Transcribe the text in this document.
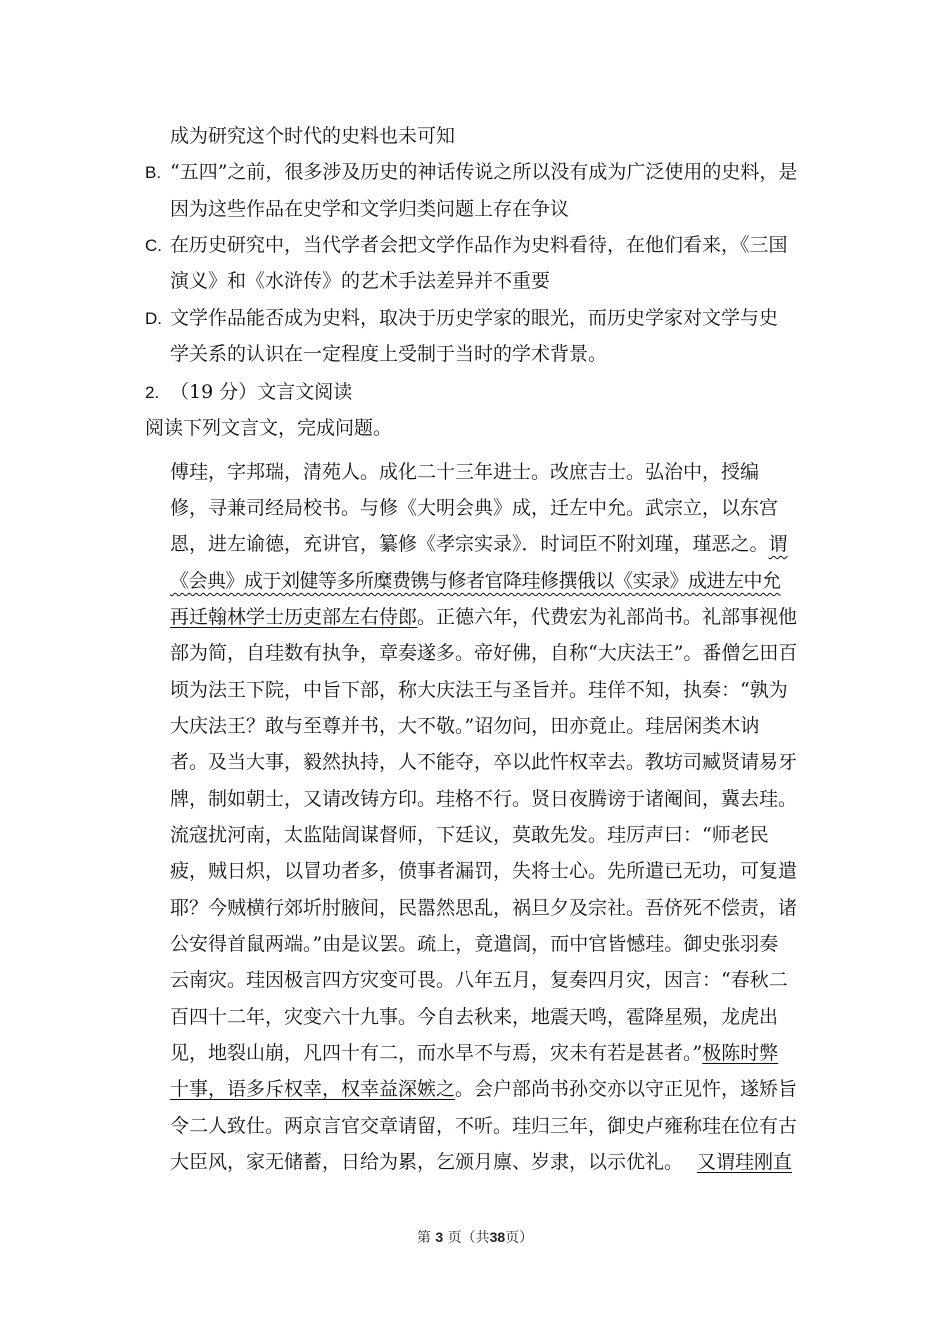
成为研究这个时代的史料也未可知
B. “五四”之前，很多涉及历史的神话传说之所以没有成为广泛使用的史料，是
因为这些作品在史学和文学归类问题上存在争议
C. 在历史研究中，当代学者会把文学作品作为史料看待，在他们看来，《三国
演义》和《水浒传》的艺术手法差异并不重要
D. 文学作品能否成为史料，取决于历史学家的眼光，而历史学家对文学与史
学关系的认识在一定程度上受制于当时的学术背景。
2. （19 分）文言文阅读
阅读下列文言文，完成问题。
傅珪，字邦瑞，清苑人。成化二十三年进士。改庶吉士。弘治中，授编
修，寻兼司经局校书。与修《大明会典》成，迁左中允。武宗立，以东宫
恩，进左谕德，充讲官，纂修《孝宗实录》．时词臣不附刘瑾，瑾恶之。谓
《会典》成于刘健等多所糜费镌与修者官降珪修撰俄以《实录》成进左中允
再迁翰林学士历吏部左右侍郎。正德六年，代费宏为礼部尚书。礼部事视他
部为简，自珪数有执争，章奏遂多。帝好佛，自称“大庆法王”。番僧乞田百
顷为法王下院，中旨下部，称大庆法王与圣旨并。珪佯不知，执奏：“孰为
大庆法王？敢与至尊并书，大不敬。”诏勿问，田亦竟止。珪居闲类木讷
者。及当大事，毅然执持，人不能夺，卒以此忤权幸去。教坊司臧贤请易牙
牌，制如朝士，又请改铸方印。珪格不行。贤日夜腾谤于诸阉间，冀去珪。
流寇扰河南，太监陆訚谋督师，下廷议，莫敢先发。珪厉声曰：“师老民
疲，贼日炽，以冒功者多，偾事者漏罚，失将士心。先所遣已无功，可复遣
耶？今贼横行郊圻肘腋间，民嚣然思乱，祸旦夕及宗社。吾侪死不偿责，诸
公安得首鼠两端。”由是议罢。疏上，竟遣訚，而中官皆憾珪。御史张羽奏
云南灾。珪因极言四方灾变可畏。八年五月，复奏四月灾，因言：“春秋二
百四十二年，灾变六十九事。今自去秋来，地震天鸣，雹降星殒，龙虎出
见，地裂山崩，凡四十有二，而水旱不与焉，灾未有若是甚者。”极陈时弊
十事，语多斥权幸，权幸益深嫉之。会户部尚书孙交亦以守正见忤，遂矫旨
令二人致仕。两京言官交章请留，不听。珪归三年，御史卢雍称珪在位有古
大臣风，家无储蓄，日给为累，乞颁月廪、岁隶，以示优礼。 又谓珪刚直
第 3 页（共38页）
